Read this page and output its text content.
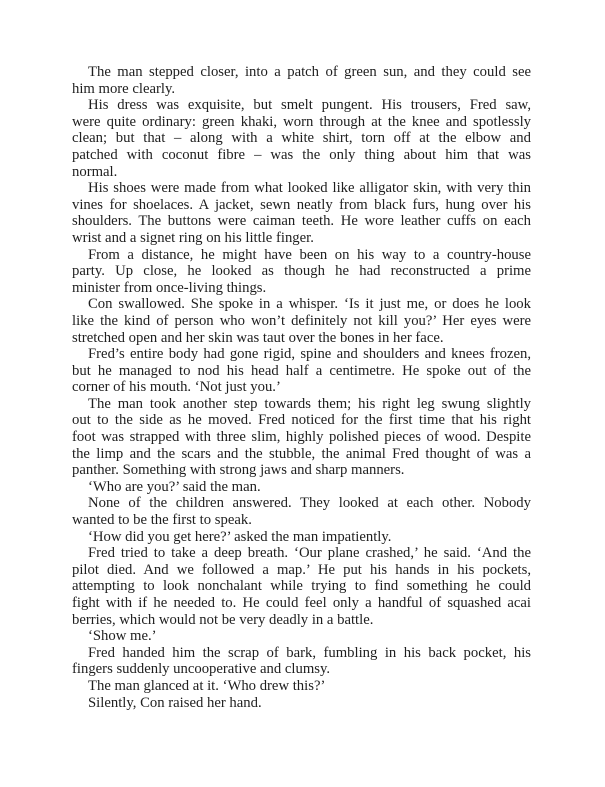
The man stepped closer, into a patch of green sun, and they could see
him more clearly.
His dress was exquisite, but smelt pungent. His trousers, Fred saw,
were quite ordinary: green khaki, worn through at the knee and spotlessly
clean; but that – along with a white shirt, torn off at the elbow and
patched with coconut fibre – was the only thing about him that was
normal.
His shoes were made from what looked like alligator skin, with very thin
vines for shoelaces. A jacket, sewn neatly from black furs, hung over his
shoulders. The buttons were caiman teeth. He wore leather cuffs on each
wrist and a signet ring on his little finger.
From a distance, he might have been on his way to a country-house
party. Up close, he looked as though he had reconstructed a prime
minister from once-living things.
Con swallowed. She spoke in a whisper. ‘Is it just me, or does he look
like the kind of person who won’t definitely not kill you?’ Her eyes were
stretched open and her skin was taut over the bones in her face.
Fred’s entire body had gone rigid, spine and shoulders and knees frozen,
but he managed to nod his head half a centimetre. He spoke out of the
corner of his mouth. ‘Not just you.’
The man took another step towards them; his right leg swung slightly
out to the side as he moved. Fred noticed for the first time that his right
foot was strapped with three slim, highly polished pieces of wood. Despite
the limp and the scars and the stubble, the animal Fred thought of was a
panther. Something with strong jaws and sharp manners.
‘Who are you?’ said the man.
None of the children answered. They looked at each other. Nobody
wanted to be the first to speak.
‘How did you get here?’ asked the man impatiently.
Fred tried to take a deep breath. ‘Our plane crashed,’ he said. ‘And the
pilot died. And we followed a map.’ He put his hands in his pockets,
attempting to look nonchalant while trying to find something he could
fight with if he needed to. He could feel only a handful of squashed acai
berries, which would not be very deadly in a battle.
‘Show me.’
Fred handed him the scrap of bark, fumbling in his back pocket, his
fingers suddenly uncooperative and clumsy.
The man glanced at it. ‘Who drew this?’
Silently, Con raised her hand.
